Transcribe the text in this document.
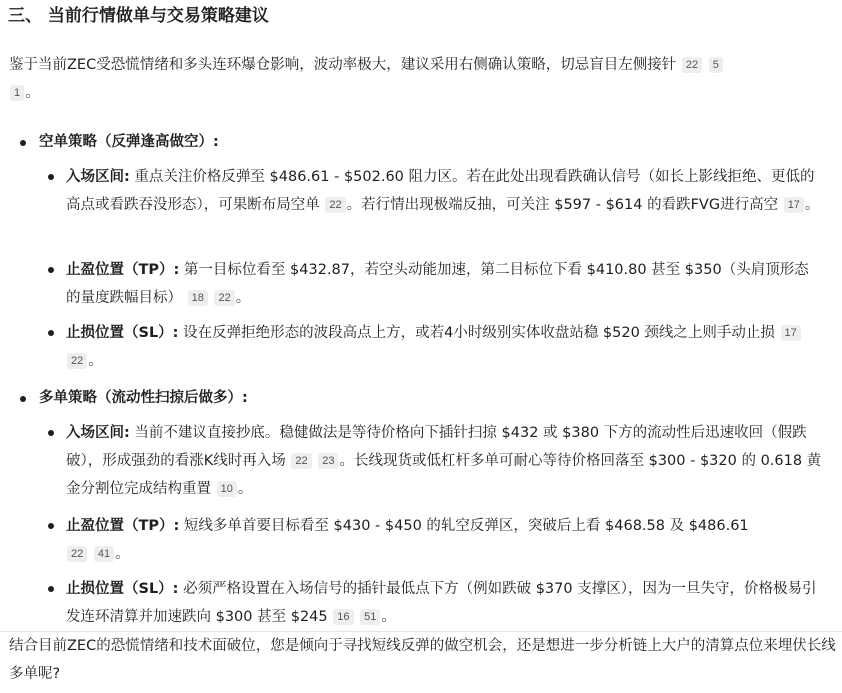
三、 当前行情做单与交易策略建议

鉴于当前ZEC受恐慌情绪和多头连环爆仓影响，波动率极大，建议采用右侧确认策略，切忌盲目左侧接针 22 5
1 。

空单策略（反弹逢高做空）:

入场区间: 重点关注价格反弹至 $486.61 - $502.60 阻力区。若在此处出现看跌确认信号（如长上影线拒绝、更低的高点或看跌吞没形态），可果断布局空单 22 。若行情出现极端反抽，可关注 $597 - $614 的看跌FVG进行高空 17 。

止盈位置（TP）: 第一目标位看至 $432.87，若空头动能加速，第二目标位下看 $410.80 甚至 $350（头肩顶形态的量度跌幅目标） 18 22 。

止损位置（SL）: 设在反弹拒绝形态的波段高点上方，或若4小时级别实体收盘站稳 $520 颈线之上则手动止损 17 22 。

多单策略（流动性扫掠后做多）:

入场区间: 当前不建议直接抄底。稳健做法是等待价格向下插针扫掠 $432 或 $380 下方的流动性后迅速收回（假跌破），形成强劲的看涨K线时再入场 22 23 。长线现货或低杠杆多单可耐心等待价格回落至 $300 - $320 的 0.618 黄金分割位完成结构重置 10 。

止盈位置（TP）: 短线多单首要目标看至 $430 - $450 的轧空反弹区，突破后上看 $468.58 及 $486.61
22 41 。

止损位置（SL）: 必须严格设置在入场信号的插针最低点下方（例如跌破 $370 支撑区），因为一旦失守，价格极易引发连环清算并加速跌向 $300 甚至 $245 16 51 。

结合目前ZEC的恐慌情绪和技术面破位，您是倾向于寻找短线反弹的做空机会，还是想进一步分析链上大户的清算点位来埋伏长线多单呢?
